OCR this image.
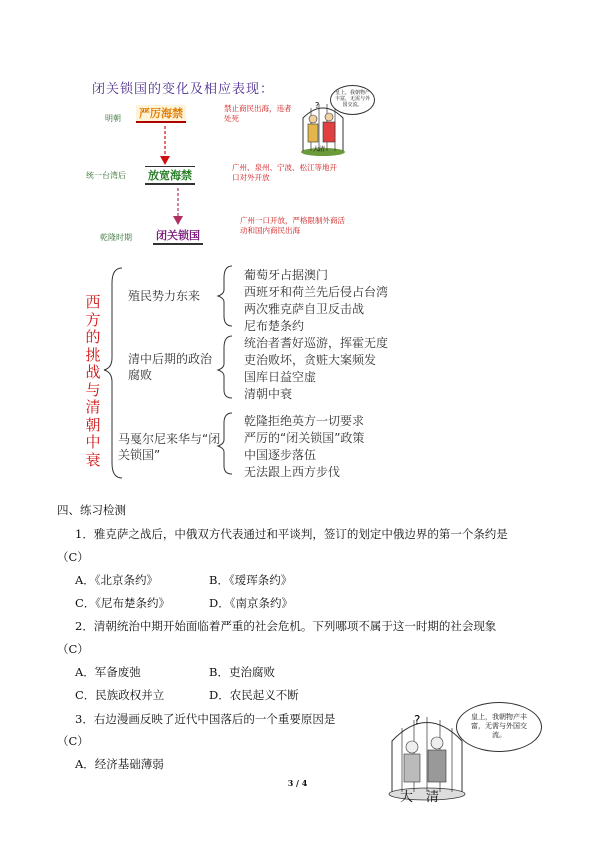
闭关锁国的变化及相应表现：
明朝 严厉海禁	禁止商民出海，违者处死
统一台湾后 放宽海禁
广州、泉州、宁波、松江等地开口对外开放
乾隆时期 闭关锁国
广州一口开放，严格限制外商活动和国内商民出海
?
皇上，我朝物产丰富，无需与外国交流。
大清
西方的挑战与清朝中衰
殖民势力东来
清中后期的政治腐败
马戛尔尼来华与“闭关锁国”
葡萄牙占据澳门
西班牙和荷兰先后侵占台湾
两次雅克萨自卫反击战
尼布楚条约
统治者耆好巡游，挥霍无度
吏治败坏，贪赃大案频发
国库日益空虚
清朝中衰
乾隆拒绝英方一切要求
严厉的“闭关锁国”政策
中国逐步落伍
无法跟上西方步伐
四、练习检测
1．雅克萨之战后，中俄双方代表通过和平谈判，签订的划定中俄边界的第一个条约是
（C）
A．《北京条约》	B．《瑷珲条约》
C．《尼布楚条约》	D．《南京条约》
2．清朝统治中期开始面临着严重的社会危机。下列哪项不属于这一时期的社会现象
（C）
A．军备废弛	B．吏治腐败
C．民族政权并立	D．农民起义不断
3．右边漫画反映了近代中国落后的一个重要原因是
（C）
A．经济基础薄弱
?	皇上，我朝物产丰富，无需与外国交流。
大　清
3 / 4
